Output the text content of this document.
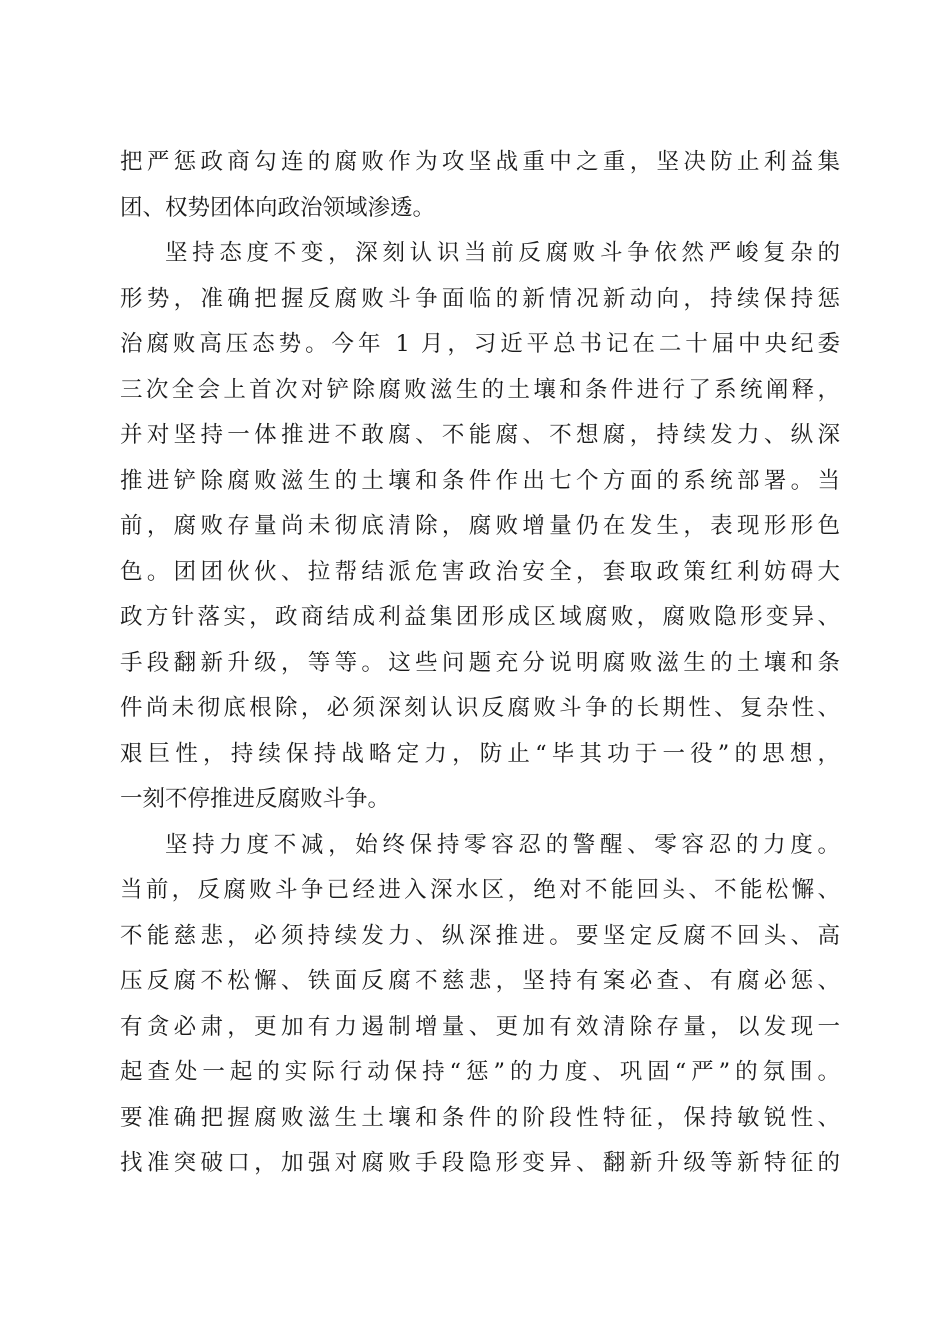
把严惩政商勾连的腐败作为攻坚战重中之重，坚决防止利益集
团、权势团体向政治领域渗透。
坚持态度不变，深刻认识当前反腐败斗争依然严峻复杂的
形势，准确把握反腐败斗争面临的新情况新动向，持续保持惩
治腐败高压态势。今年 1 月，习近平总书记在二十届中央纪委
三次全会上首次对铲除腐败滋生的土壤和条件进行了系统阐释，
并对坚持一体推进不敢腐、不能腐、不想腐，持续发力、纵深
推进铲除腐败滋生的土壤和条件作出七个方面的系统部署。当
前，腐败存量尚未彻底清除，腐败增量仍在发生，表现形形色
色。团团伙伙、拉帮结派危害政治安全，套取政策红利妨碍大
政方针落实，政商结成利益集团形成区域腐败，腐败隐形变异、
手段翻新升级，等等。这些问题充分说明腐败滋生的土壤和条
件尚未彻底根除，必须深刻认识反腐败斗争的长期性、复杂性、
艰巨性，持续保持战略定力，防止“毕其功于一役”的思想，
一刻不停推进反腐败斗争。
坚持力度不减，始终保持零容忍的警醒、零容忍的力度。
当前，反腐败斗争已经进入深水区，绝对不能回头、不能松懈、
不能慈悲，必须持续发力、纵深推进。要坚定反腐不回头、高
压反腐不松懈、铁面反腐不慈悲，坚持有案必查、有腐必惩、
有贪必肃，更加有力遏制增量、更加有效清除存量，以发现一
起查处一起的实际行动保持“惩”的力度、巩固“严”的氛围。
要准确把握腐败滋生土壤和条件的阶段性特征，保持敏锐性、
找准突破口，加强对腐败手段隐形变异、翻新升级等新特征的
